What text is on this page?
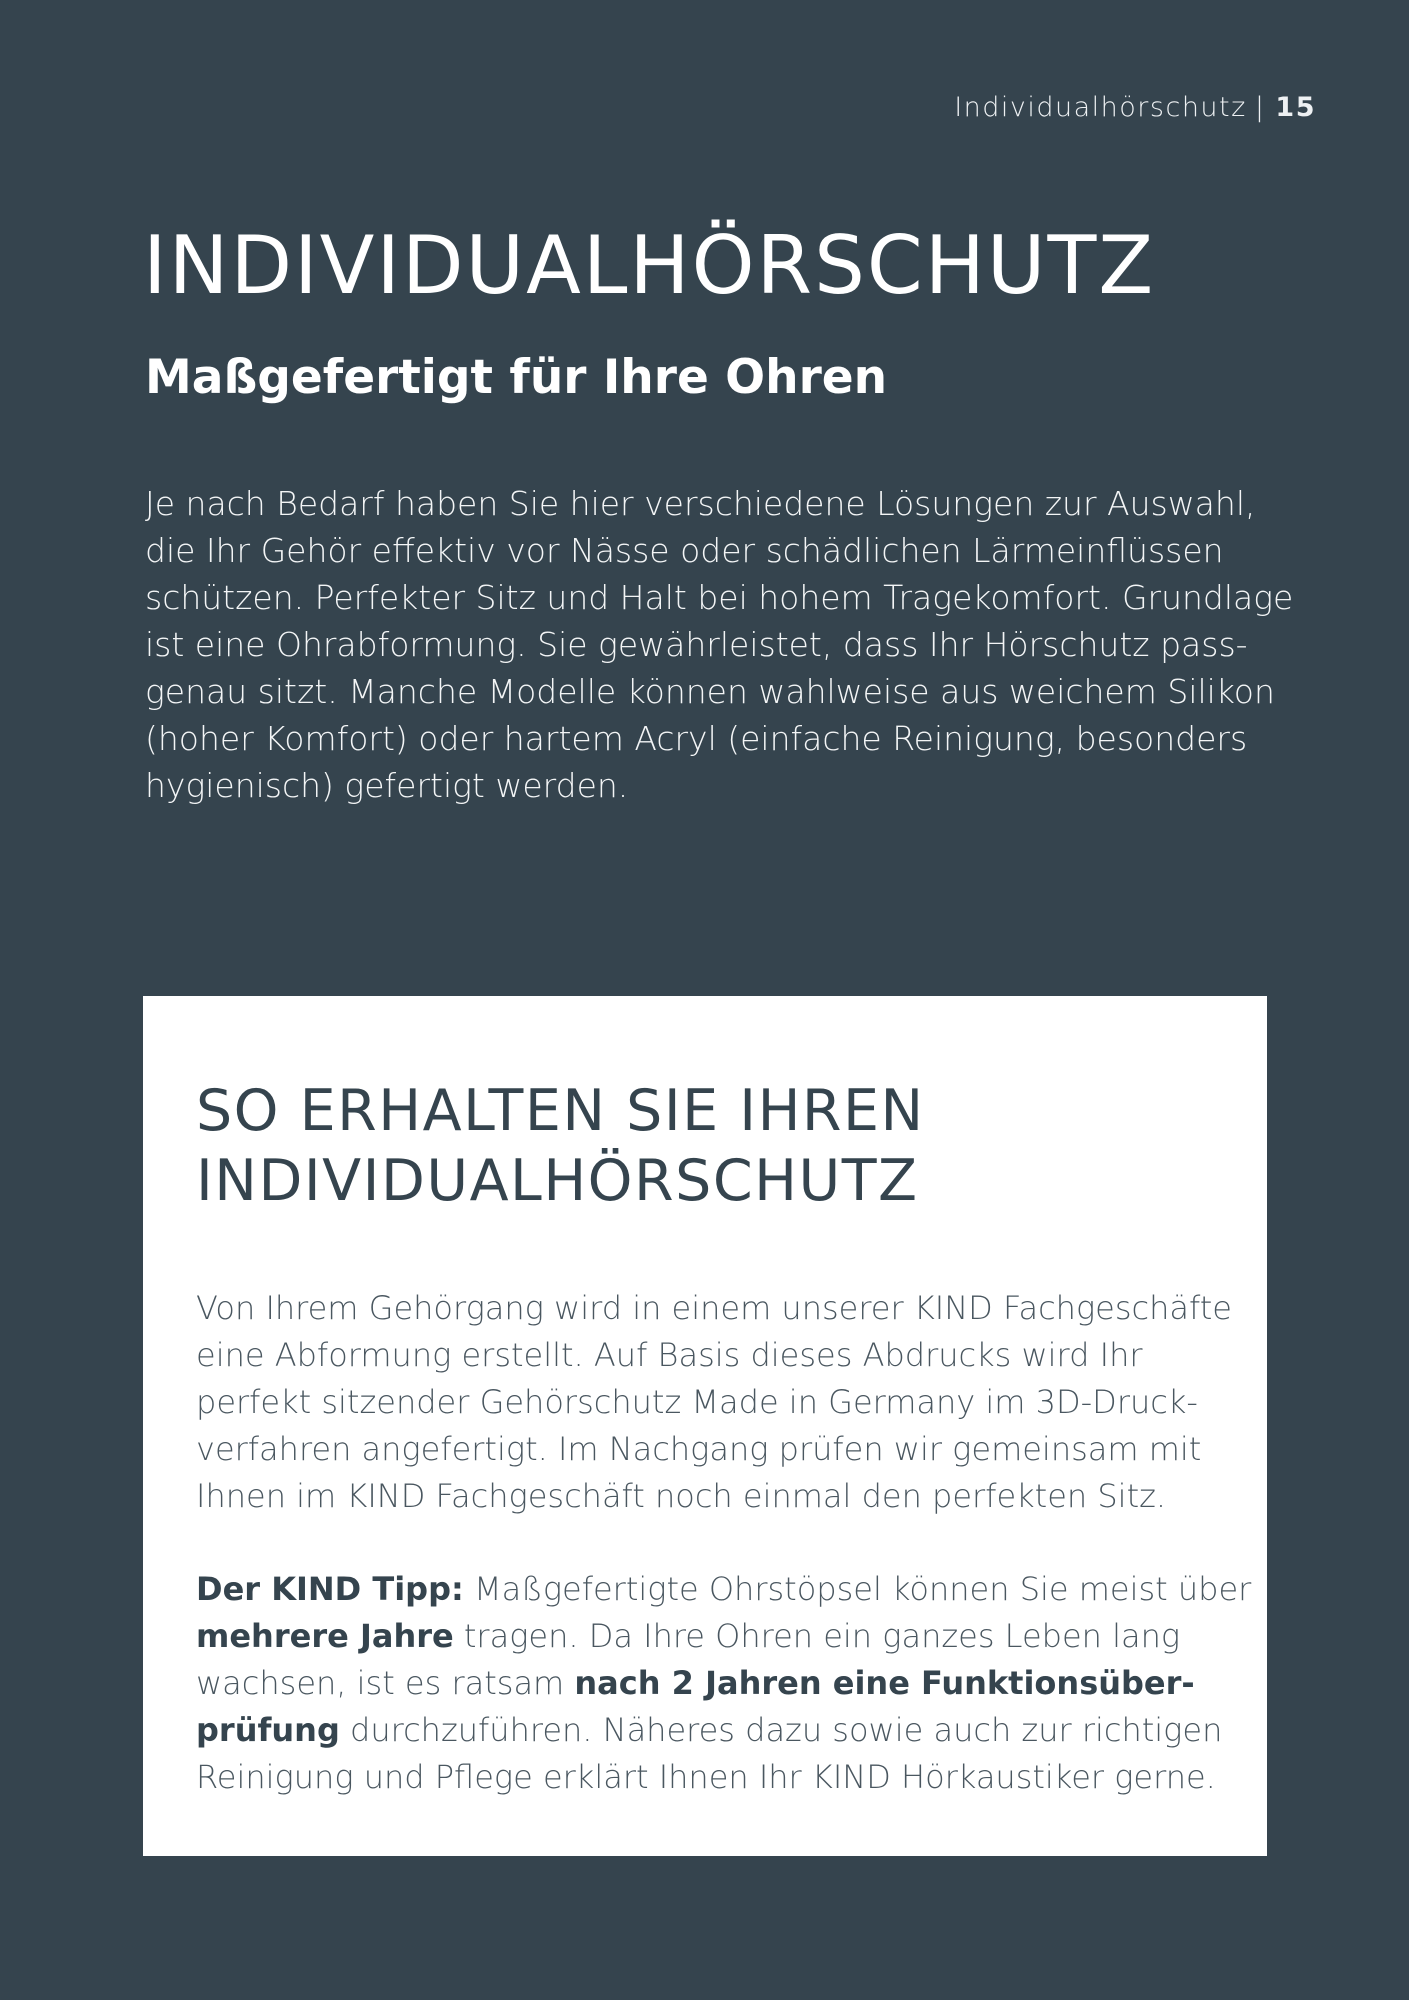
Individualhörschutz | 15
INDIVIDUALHÖRSCHUTZ
Maßgefertigt für Ihre Ohren

Je nach Bedarf haben Sie hier verschiedene Lösungen zur Auswahl,
die Ihr Gehör effektiv vor Nässe oder schädlichen Lärmeinflüssen
schützen. Perfekter Sitz und Halt bei hohem Tragekomfort. Grundlage
ist eine Ohrabformung. Sie gewährleistet, dass Ihr Hörschutz pass-
genau sitzt. Manche Modelle können wahlweise aus weichem Silikon
(hoher Komfort) oder hartem Acryl (einfache Reinigung, besonders
hygienisch) gefertigt werden.

SO ERHALTEN SIE IHREN
INDIVIDUALHÖRSCHUTZ

Von Ihrem Gehörgang wird in einem unserer KIND Fachgeschäfte
eine Abformung erstellt. Auf Basis dieses Abdrucks wird Ihr
perfekt sitzender Gehörschutz Made in Germany im 3D-Druck-
verfahren angefertigt. Im Nachgang prüfen wir gemeinsam mit
Ihnen im KIND Fachgeschäft noch einmal den perfekten Sitz.

Der KIND Tipp: Maßgefertigte Ohrstöpsel können Sie meist über
mehrere Jahre tragen. Da Ihre Ohren ein ganzes Leben lang
wachsen, ist es ratsam nach 2 Jahren eine Funktionsüber-
prüfung durchzuführen. Näheres dazu sowie auch zur richtigen
Reinigung und Pflege erklärt Ihnen Ihr KIND Hörkaustiker gerne.
